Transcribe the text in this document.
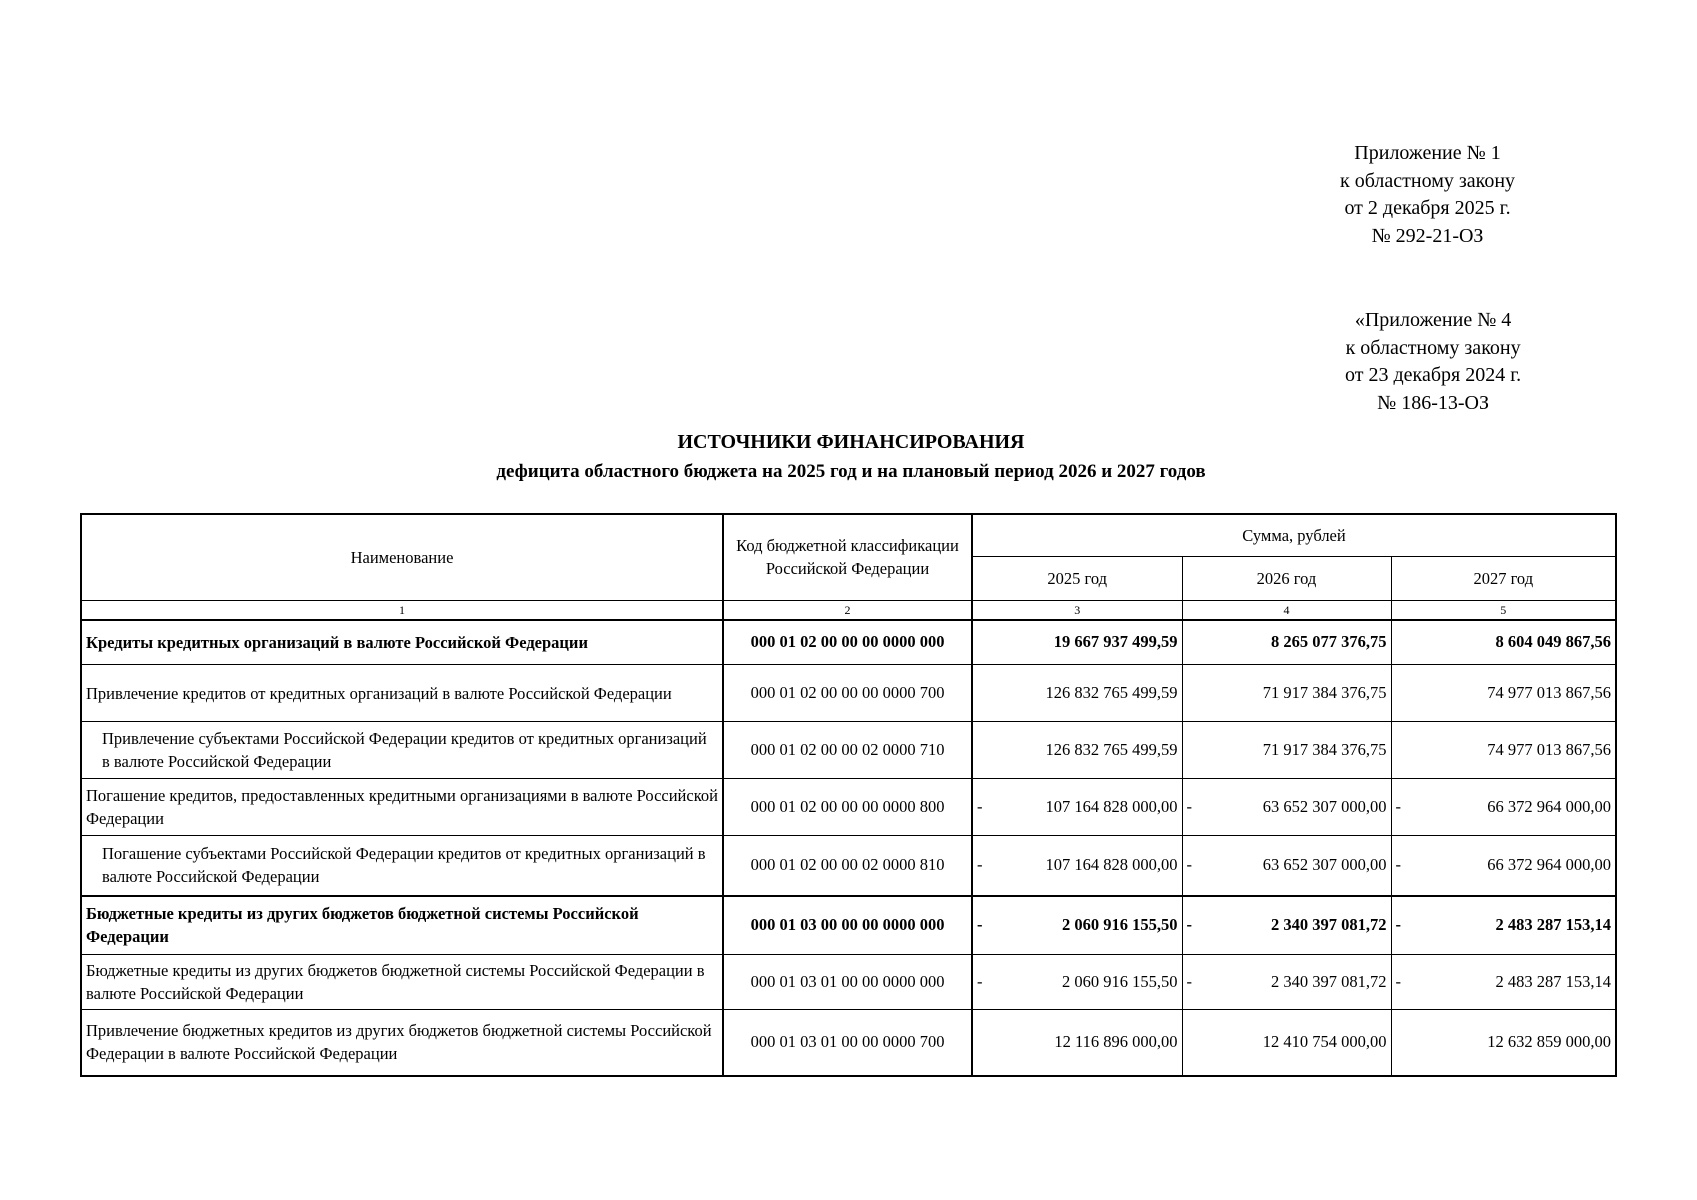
Приложение № 1
к областному закону
от 2 декабря 2025 г.
№ 292-21-ОЗ
«Приложение № 4
к областному закону
от 23 декабря 2024 г.
№ 186-13-ОЗ
ИСТОЧНИКИ ФИНАНСИРОВАНИЯ
дефицита областного бюджета на 2025 год и на плановый период 2026 и 2027 годов
Наименование	Код бюджетной классификации Российской Федерации	Сумма, рублей		
		2025 год	2026 год	2027 год
1	2	3	4	5
Кредиты кредитных организаций в валюте Российской Федерации	000 01 02 00 00 00 0000 000	19 667 937 499,59	8 265 077 376,75	8 604 049 867,56
Привлечение кредитов от кредитных организаций в валюте Российской Федерации	000 01 02 00 00 00 0000 700	126 832 765 499,59	71 917 384 376,75	74 977 013 867,56
Привлечение субъектами Российской Федерации кредитов от кредитных организаций в валюте Российской Федерации	000 01 02 00 00 02 0000 710	126 832 765 499,59	71 917 384 376,75	74 977 013 867,56
Погашение кредитов, предоставленных кредитными организациями в валюте Российской Федерации	000 01 02 00 00 00 0000 800	- 107 164 828 000,00	- 63 652 307 000,00	- 66 372 964 000,00
Погашение субъектами Российской Федерации кредитов от кредитных организаций в валюте Российской Федерации	000 01 02 00 00 02 0000 810	- 107 164 828 000,00	- 63 652 307 000,00	- 66 372 964 000,00
Бюджетные кредиты из других бюджетов бюджетной системы Российской Федерации	000 01 03 00 00 00 0000 000	- 2 060 916 155,50	- 2 340 397 081,72	- 2 483 287 153,14
Бюджетные кредиты из других бюджетов бюджетной системы Российской Федерации в валюте Российской Федерации	000 01 03 01 00 00 0000 000	- 2 060 916 155,50	- 2 340 397 081,72	- 2 483 287 153,14
Привлечение бюджетных кредитов из других бюджетов бюджетной системы Российской Федерации в валюте Российской Федерации	000 01 03 01 00 00 0000 700	12 116 896 000,00	12 410 754 000,00	12 632 859 000,00
